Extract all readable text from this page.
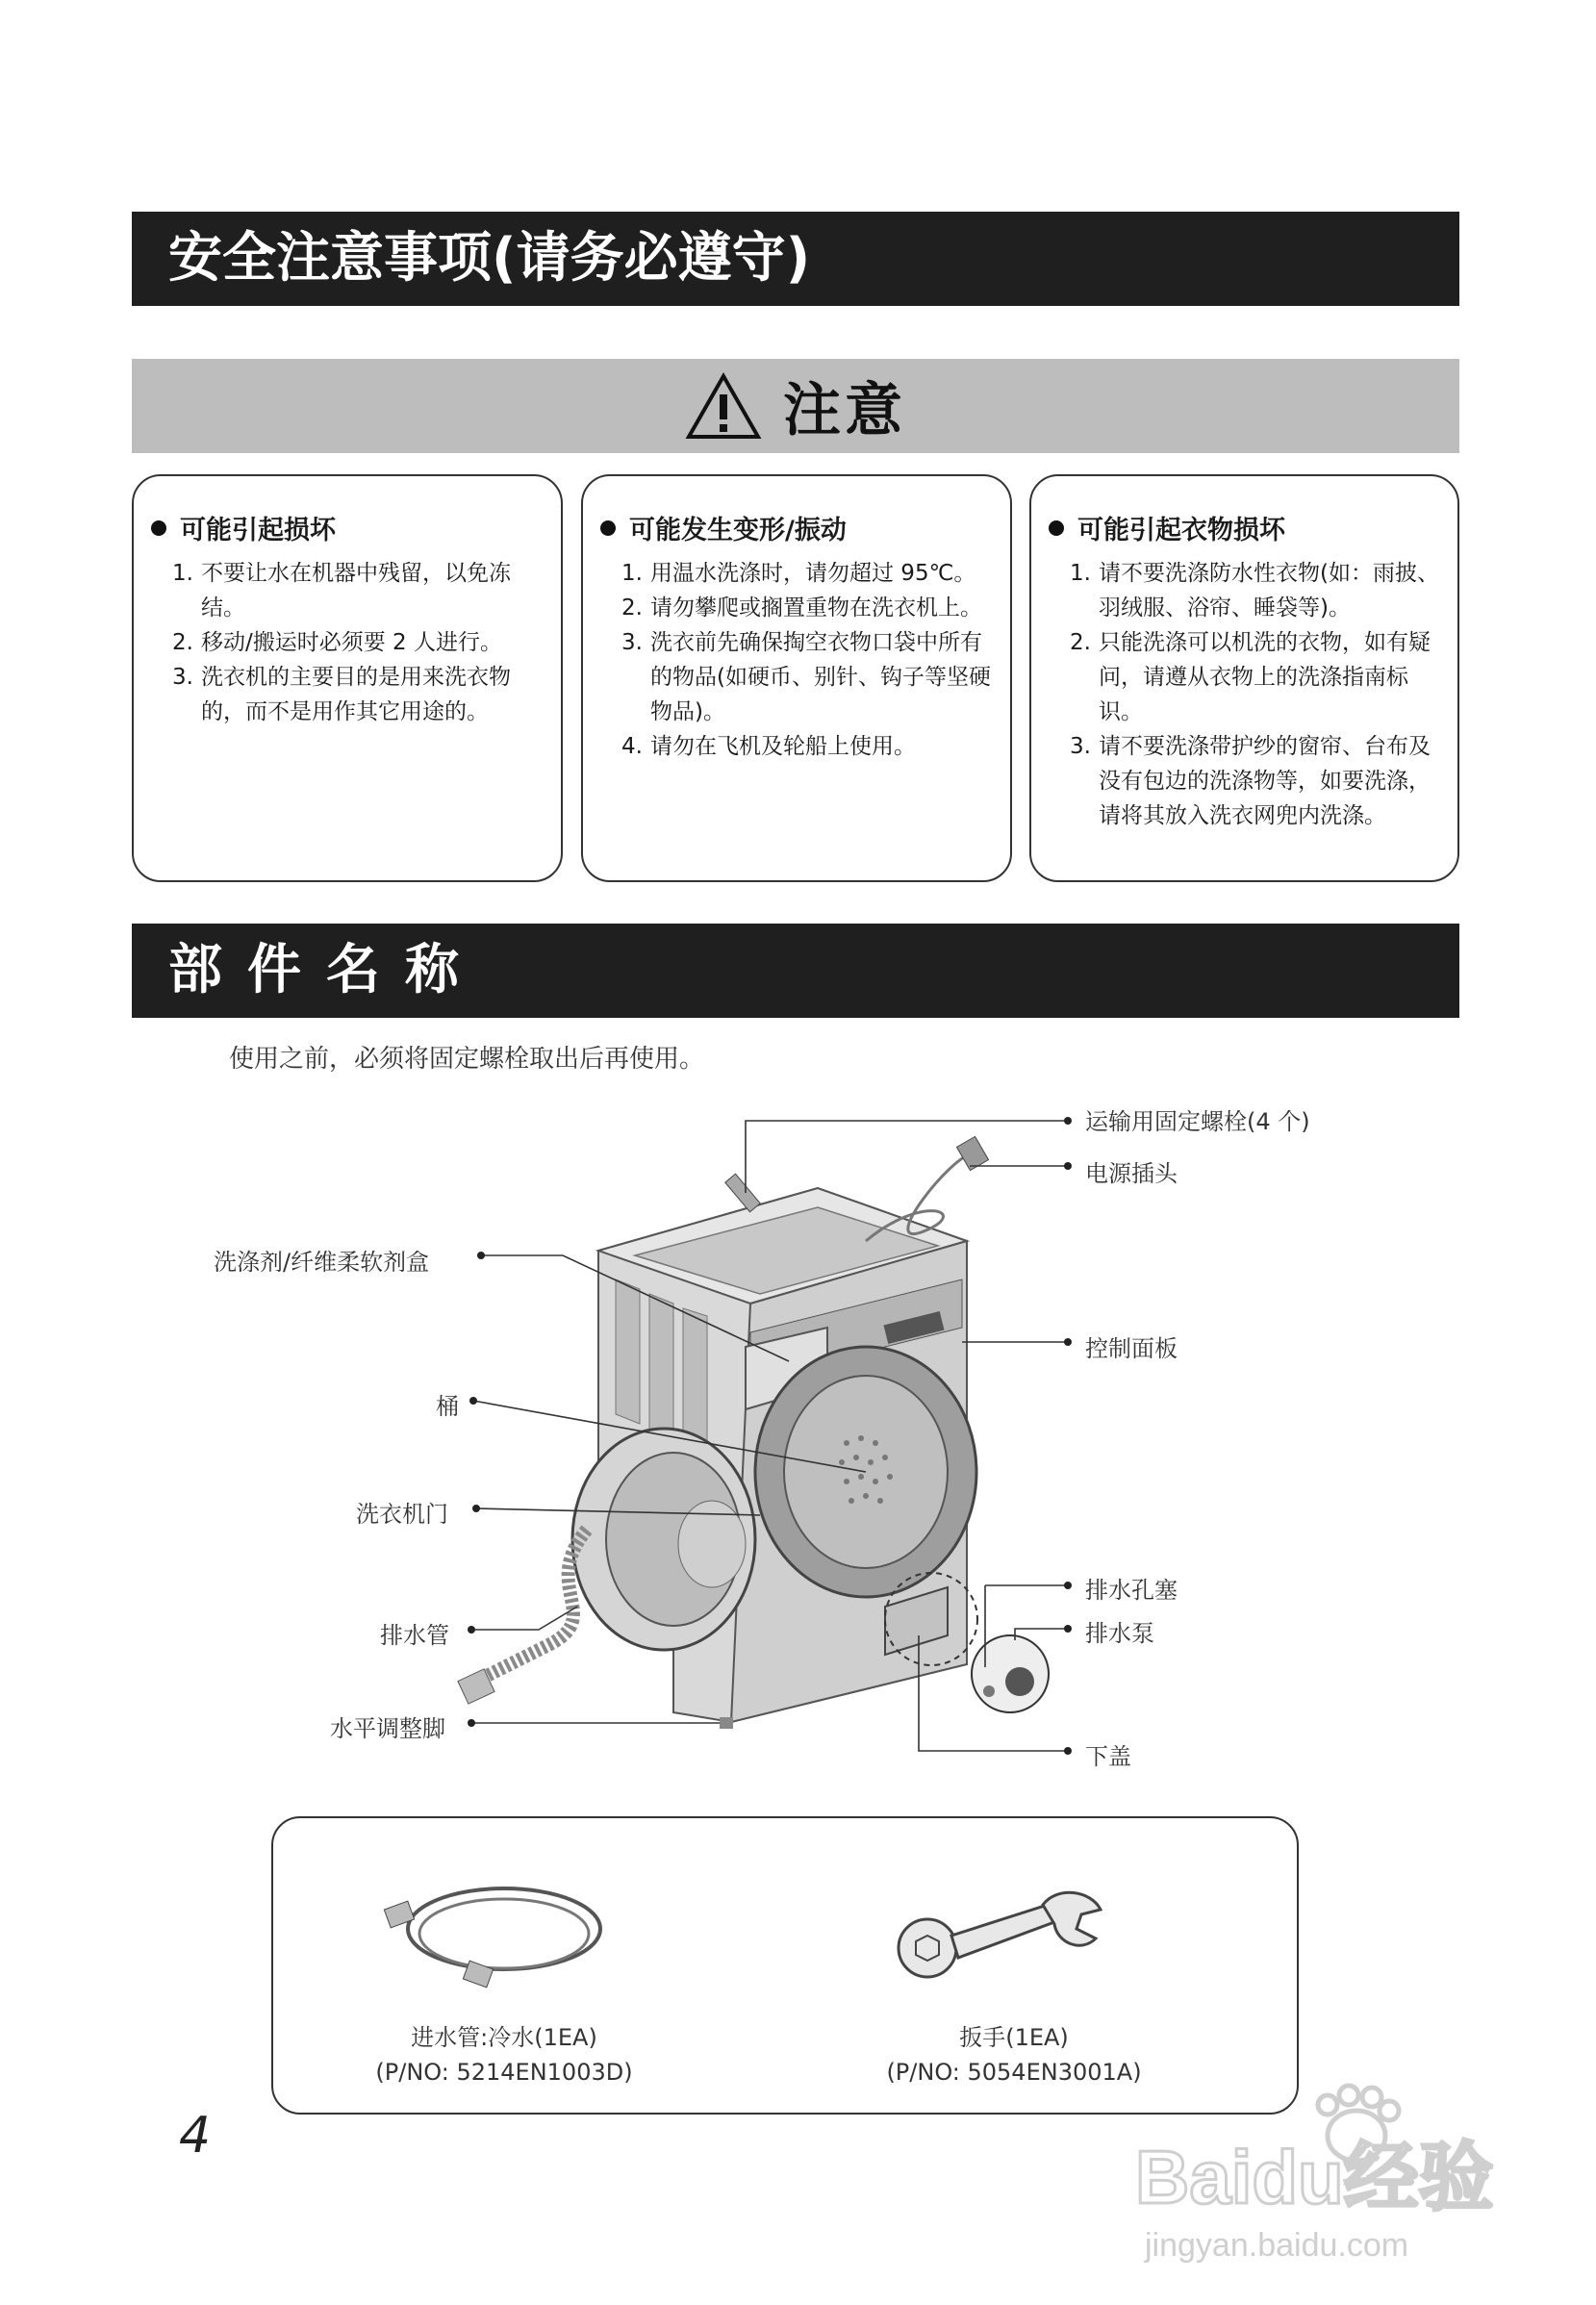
安全注意事项(请务必遵守)
注意
可能引起损坏
1. 不要让水在机器中残留，以免冻结。
2. 移动/搬运时必须要 2 人进行。
3. 洗衣机的主要目的是用来洗衣物的，而不是用作其它用途的。
可能发生变形/振动
1. 用温水洗涤时，请勿超过 95℃。
2. 请勿攀爬或搁置重物在洗衣机上。
3. 洗衣前先确保掏空衣物口袋中所有的物品(如硬币、别针、钩子等坚硬物品)。
4. 请勿在飞机及轮船上使用。
可能引起衣物损坏
1. 请不要洗涤防水性衣物(如：雨披、羽绒服、浴帘、睡袋等)。
2. 只能洗涤可以机洗的衣物，如有疑问，请遵从衣物上的洗涤指南标识。
3. 请不要洗涤带护纱的窗帘、台布及没有包边的洗涤物等，如要洗涤，请将其放入洗衣网兜内洗涤。
部件名称
使用之前，必须将固定螺栓取出后再使用。
运输用固定螺栓(4 个)
电源插头
洗涤剂/纤维柔软剂盒
控制面板
桶
洗衣机门
排水孔塞
排水泵
排水管
水平调整脚
下盖
进水管:冷水(1EA)
(P/NO: 5214EN1003D)
扳手(1EA)
(P/NO: 5054EN3001A)
4	Baidu经验
jingyan.baidu.com
